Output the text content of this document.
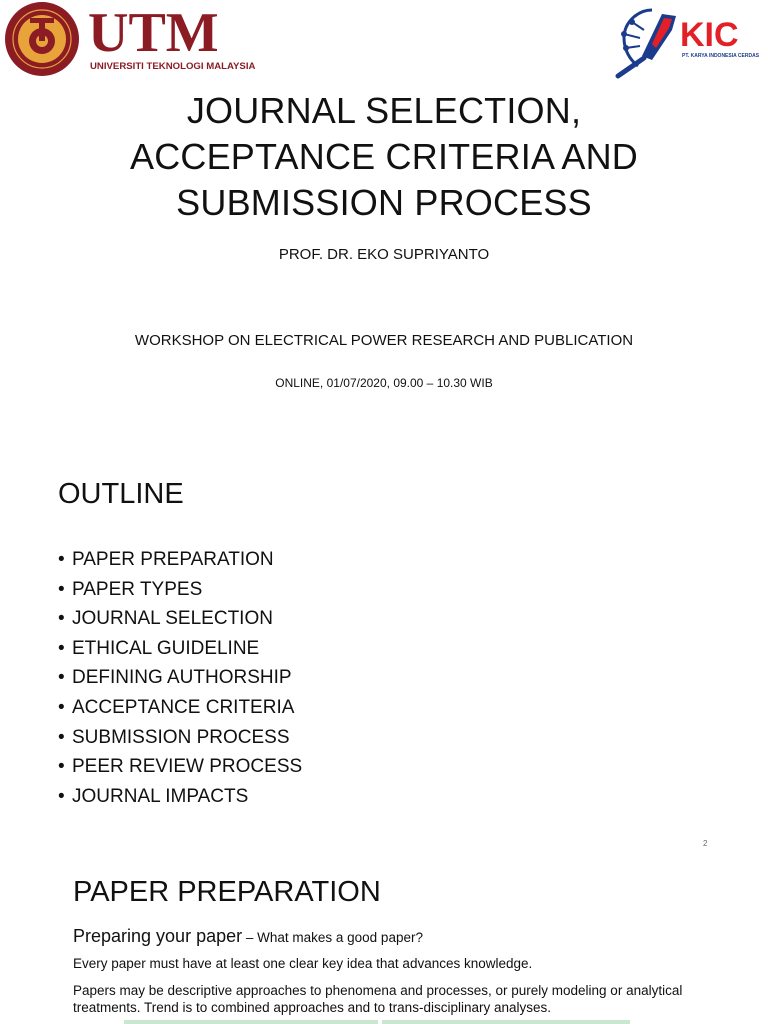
UTM
UNIVERSITI TEKNOLOGI MALAYSIA
KIC
PT. KARYA INDONESIA CERDAS
JOURNAL SELECTION,
ACCEPTANCE CRITERIA AND
SUBMISSION PROCESS
PROF. DR. EKO SUPRIYANTO
WORKSHOP ON ELECTRICAL POWER RESEARCH AND PUBLICATION
ONLINE, 01/07/2020, 09.00 – 10.30 WIB
OUTLINE
• PAPER PREPARATION
• PAPER TYPES
• JOURNAL SELECTION
• ETHICAL GUIDELINE
• DEFINING AUTHORSHIP
• ACCEPTANCE CRITERIA
• SUBMISSION PROCESS
• PEER REVIEW PROCESS
• JOURNAL IMPACTS
2
PAPER PREPARATION
Preparing your paper – What makes a good paper?
Every paper must have at least one clear key idea that advances knowledge.
Papers may be descriptive approaches to phenomena and processes, or purely modeling or analytical treatments. Trend is to combined approaches and to trans-disciplinary analyses.
